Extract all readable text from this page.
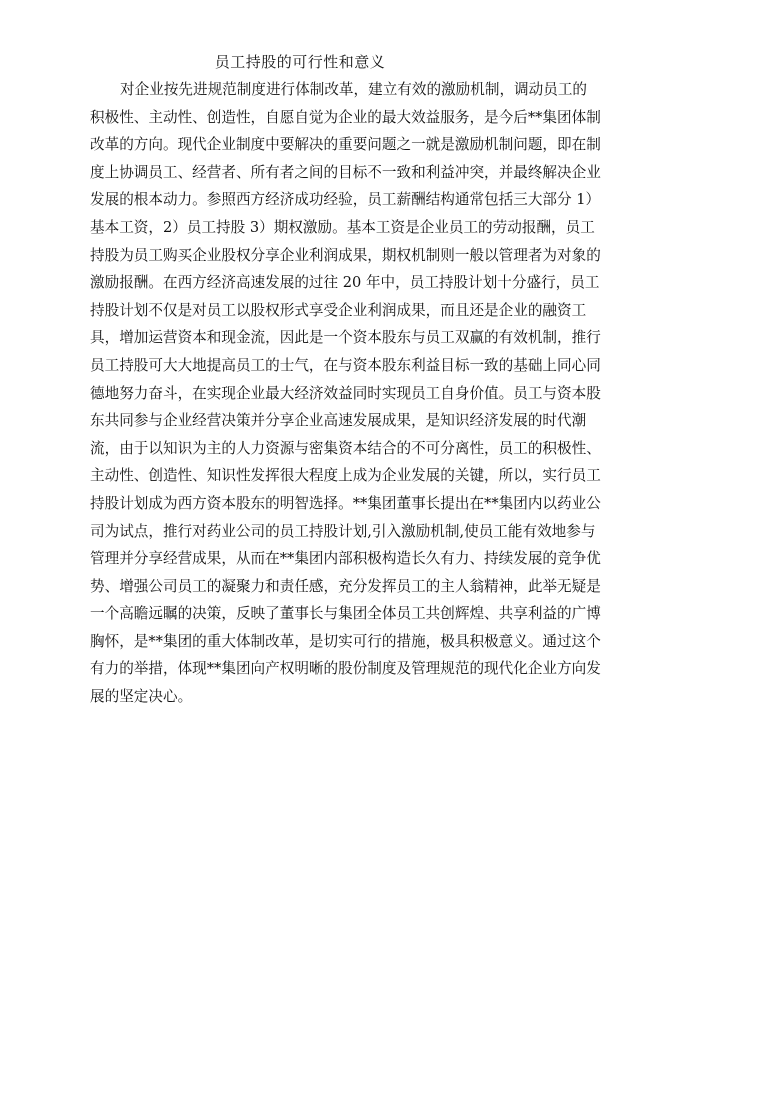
员工持股的可行性和意义
对企业按先进规范制度进行体制改革，建立有效的激励机制，调动员工的
积极性、主动性、创造性，自愿自觉为企业的最大效益服务，是今后**集团体制
改革的方向。现代企业制度中要解决的重要问题之一就是激励机制问题，即在制
度上协调员工、经营者、所有者之间的目标不一致和利益冲突，并最终解决企业
发展的根本动力。参照西方经济成功经验，员工薪酬结构通常包括三大部分 1）
基本工资，2）员工持股 3）期权激励。基本工资是企业员工的劳动报酬，员工
持股为员工购买企业股权分享企业利润成果，期权机制则一般以管理者为对象的
激励报酬。在西方经济高速发展的过往 20 年中，员工持股计划十分盛行，员工
持股计划不仅是对员工以股权形式享受企业利润成果，而且还是企业的融资工
具，增加运营资本和现金流，因此是一个资本股东与员工双赢的有效机制，推行
员工持股可大大地提高员工的士气，在与资本股东利益目标一致的基础上同心同
德地努力奋斗，在实现企业最大经济效益同时实现员工自身价值。员工与资本股
东共同参与企业经营决策并分享企业高速发展成果，是知识经济发展的时代潮
流，由于以知识为主的人力资源与密集资本结合的不可分离性，员工的积极性、
主动性、创造性、知识性发挥很大程度上成为企业发展的关键，所以，实行员工
持股计划成为西方资本股东的明智选择。**集团董事长提出在**集团内以药业公
司为试点，推行对药业公司的员工持股计划,引入激励机制,使员工能有效地参与
管理并分享经营成果，从而在**集团内部积极构造长久有力、持续发展的竞争优
势、增强公司员工的凝聚力和责任感，充分发挥员工的主人翁精神，此举无疑是
一个高瞻远瞩的决策，反映了董事长与集团全体员工共创辉煌、共享利益的广博
胸怀，是**集团的重大体制改革，是切实可行的措施，极具积极意义。通过这个
有力的举措，体现**集团向产权明晰的股份制度及管理规范的现代化企业方向发
展的坚定决心。
